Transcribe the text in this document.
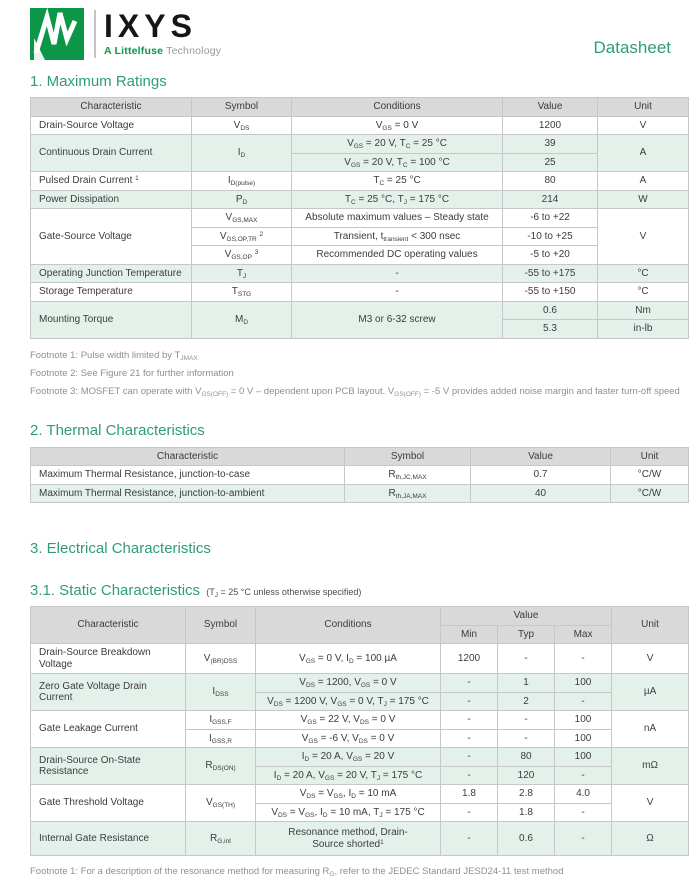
IXYS
A Littelfuse Technology	Datasheet
1. Maximum Ratings
Characteristic	Symbol	Conditions	Value	Unit
Drain-Source Voltage	$V_{DS}$	$V_{GS} = 0$ V	1200	V
Continuous Drain Current	$I_D$	$V_{GS} = 20$ V, $T_C = 25$ °C	39	A
		$V_{GS} = 20$ V, $T_C = 100$ °C	25	
Pulsed Drain Current $^1$	$I_{D(pulse)}$	$T_C = 25$ °C	80	A
Power Dissipation	$P_D$	$T_C = 25$ °C, $T_J = 175$ °C	214	W
Gate-Source Voltage	$V_{GS,MAX}$	Absolute maximum values – Steady state	-6 to +22	V
	$V_{GS,OP,TR}$ $^2$	Transient, $t_{transient} < 300$ nsec	-10 to +25	
	$V_{GS,OP}$ $^3$	Recommended DC operating values	-5 to +20	
Operating Junction Temperature	$T_J$	-	-55 to +175	°C
Storage Temperature	$T_{STG}$	-	-55 to +150	°C
Mounting Torque	$M_D$	M3 or 6-32 screw	0.6	Nm
			5.3	in-lb

Footnote 1: Pulse width limited by $T_{JMAX}$

Footnote 2: See Figure 21 for further information

Footnote 3: MOSFET can operate with $V_{GS(OFF)} = 0$ V – dependent upon PCB layout. $V_{GS(OFF)} = -5$ V provides added noise margin and faster turn-off speed

2. Thermal Characteristics
Characteristic	Symbol	Value	Unit
Maximum Thermal Resistance, junction-to-case	$R_{th,JC,MAX}$	0.7	°C/W
Maximum Thermal Resistance, junction-to-ambient	$R_{th,JA,MAX}$	40	°C/W
3. Electrical Characteristics
3.1. Static Characteristics ($T_J = 25$ °C unless otherwise specified)
Characteristic	Symbol	Conditions	Value			Unit
			Min	Typ	Max	
Drain-Source Breakdown Voltage	$V_{(BR)DSS}$	$V_{GS} = 0$ V, $I_D = 100$ µA	1200	-	-	V
Zero Gate Voltage Drain Current	$I_{DSS}$	$V_{DS} = 1200$, $V_{GS} = 0$ V	-	1	100	µA
		$V_{DS} = 1200$ V, $V_{GS} = 0$ V, $T_J = 175$ °C	-	2	-	
Gate Leakage Current	$I_{GSS,F}$	$V_{GS} = 22$ V, $V_{DS} = 0$ V	-	-	100	nA
	$I_{GSS,R}$	$V_{GS} = -6$ V, $V_{DS} = 0$ V	-	-	100	
Drain-Source On-State Resistance	$R_{DS(ON)}$	$I_D = 20$ A, $V_{GS} = 20$ V	-	80	100	mΩ
		$I_D = 20$ A, $V_{GS} = 20$ V, $T_J = 175$ °C	-	120	-	
Gate Threshold Voltage	$V_{GS(TH)}$	$V_{DS} = V_{GS}$, $I_D = 10$ mA	1.8	2.8	4.0	V
		$V_{DS} = V_{GS}$, $I_D = 10$ mA, $T_J = 175$ °C	-	1.8	-	
Internal Gate Resistance	$R_{G,int}$	Resonance method, Drain-Source shorted$^1$	-	0.6	-	Ω

Footnote 1: For a description of the resonance method for measuring $R_G$, refer to the JEDEC Standard JESD24-11 test method
